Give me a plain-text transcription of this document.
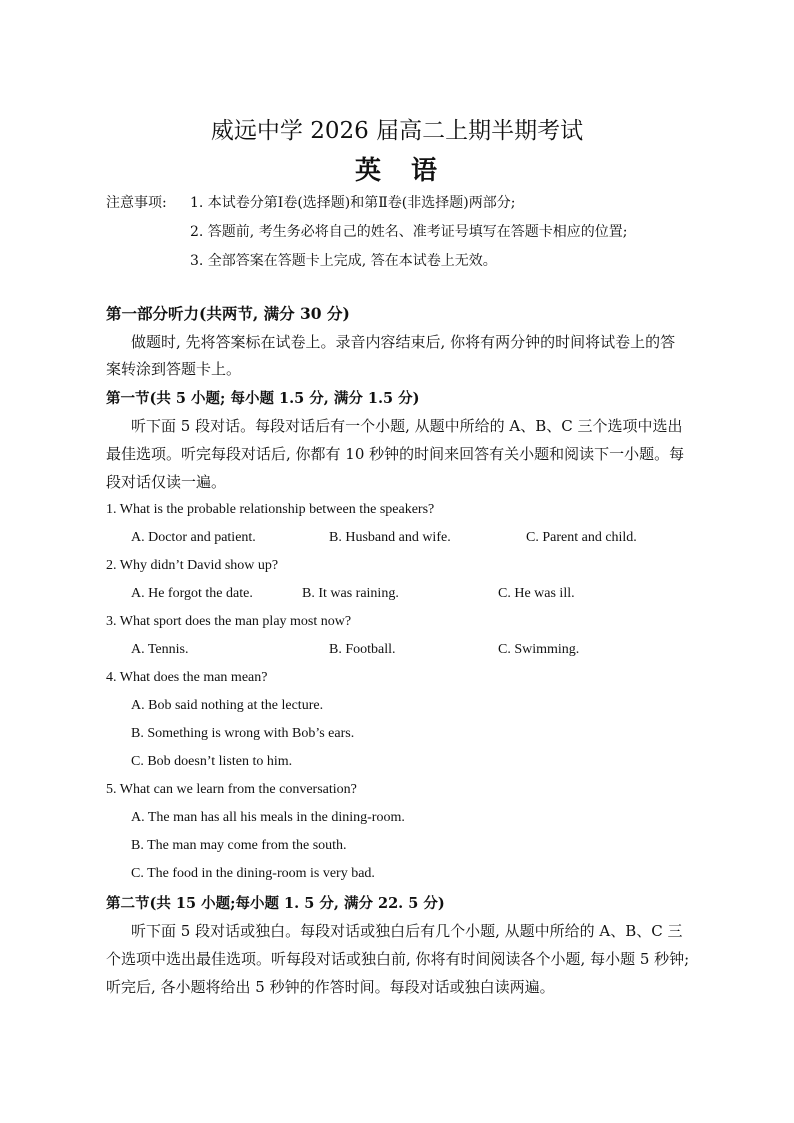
威远中学 2026 届高二上期半期考试
英　语
注意事项: 1. 本试卷分第Ⅰ卷(选择题)和第Ⅱ卷(非选择题)两部分;
2. 答题前, 考生务必将自己的姓名、准考证号填写在答题卡相应的位置;
3. 全部答案在答题卡上完成, 答在本试卷上无效。
第一部分听力(共两节, 满分 30 分)
做题时, 先将答案标在试卷上。录音内容结束后, 你将有两分钟的时间将试卷上的答
案转涂到答题卡上。
第一节(共 5 小题; 每小题 1.5 分, 满分 1.5 分)
听下面 5 段对话。每段对话后有一个小题, 从题中所给的 A、B、C 三个选项中选出
最佳选项。听完每段对话后, 你都有 10 秒钟的时间来回答有关小题和阅读下一小题。每
段对话仅读一遍。
1. What is the probable relationship between the speakers?
A. Doctor and patient.	B. Husband and wife.	C. Parent and child.
2. Why didn’t David show up?
A. He forgot the date.	B. It was raining.	C. He was ill.
3. What sport does the man play most now?
A. Tennis.	B. Football.	C. Swimming.
4. What does the man mean?
A. Bob said nothing at the lecture.
B. Something is wrong with Bob’s ears.
C. Bob doesn’t listen to him.
5. What can we learn from the conversation?
A. The man has all his meals in the dining-room.
B. The man may come from the south.
C. The food in the dining-room is very bad.
第二节(共 15 小题;每小题 1. 5 分, 满分 22. 5 分)
听下面 5 段对话或独白。每段对话或独白后有几个小题, 从题中所给的 A、B、C 三
个选项中选出最佳选项。听每段对话或独白前, 你将有时间阅读各个小题, 每小题 5 秒钟;
听完后, 各小题将给出 5 秒钟的作答时间。每段对话或独白读两遍。
